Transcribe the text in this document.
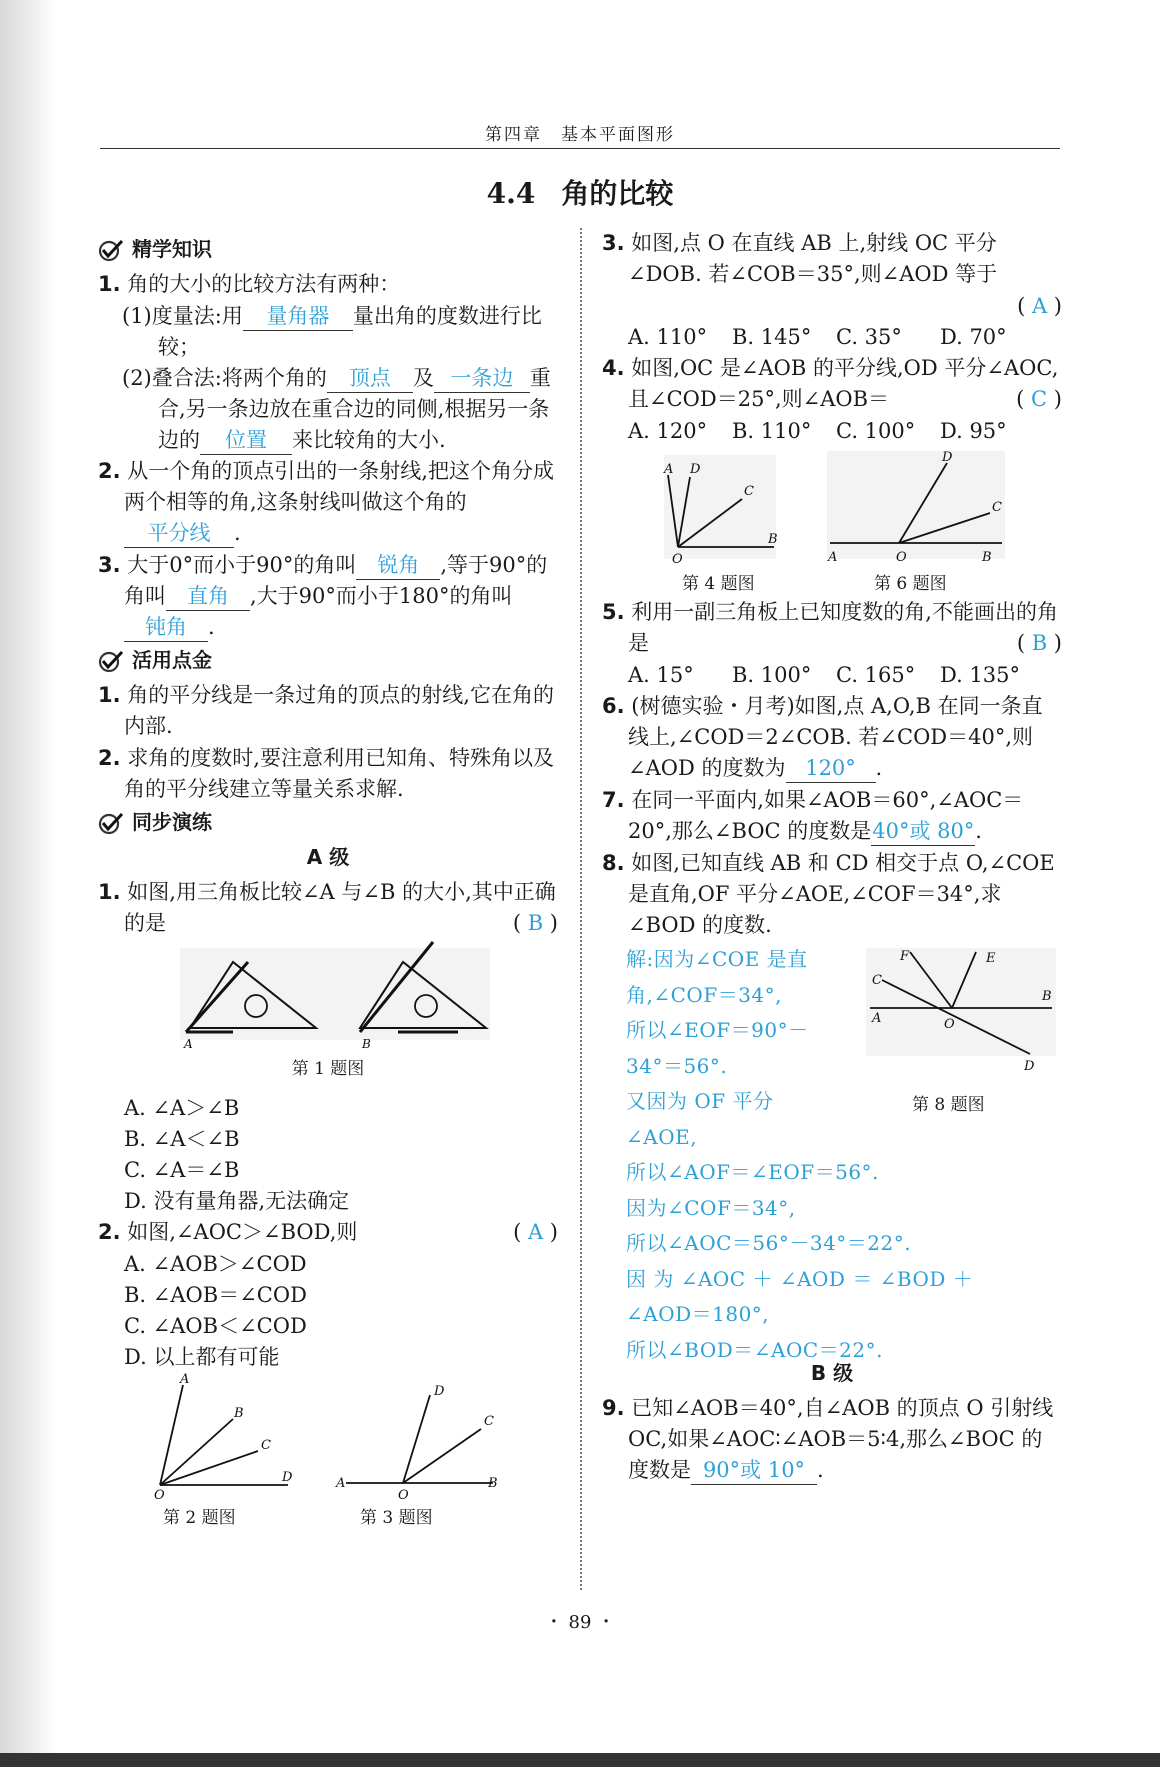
第四章　基本平面图形
4.4 角的比较
精学知识
1. 角的大小的比较方法有两种：
(1)度量法:用 量角器 量出角的度数进行比较；
(2)叠合法:将两个角的 顶点 及 一条边 重合,另一条边放在重合边的同侧,根据另一条边的 位置 来比较角的大小.
2. 从一个角的顶点引出的一条射线,把这个角分成两个相等的角,这条射线叫做这个角的平分线 .
3. 大于0°而小于90°的角叫 锐角 ,等于90°的角叫 直角 ,大于90°而小于180°的角叫钝角 .
活用点金
1. 角的平分线是一条过角的顶点的射线,它在角的内部.
2. 求角的度数时,要注意利用已知角、特殊角以及角的平分线建立等量关系求解.
同步演练
A 级
1. 如图,用三角板比较∠A 与∠B 的大小,其中正确的是	( B )
A	B
第 1 题图
A. ∠A＞∠B
B. ∠A＜∠B
C. ∠A＝∠B
D. 没有量角器,无法确定
2. 如图,∠AOC＞∠BOD,则	( A )
A. ∠AOB＞∠COD
B. ∠AOB＝∠COD
C. ∠AOB＜∠COD
D. 以上都有可能
A
B
C
D
O
A	B
C
D
O
第 2 题图	第 3 题图
3. 如图,点 O 在直线 AB 上,射线 OC 平分∠DOB. 若∠COB＝35°,则∠AOD 等于
( A )
A. 110°	B. 145°	C. 35°	D. 70°
4. 如图,OC 是∠AOB 的平分线,OD 平分∠AOC,且∠COD＝25°,则∠AOB＝	( C )
A. 120°	B. 110°	C. 100°	D. 95°
A D
C
B
O	A	O	B
C
D
第 4 题图	第 6 题图
5. 利用一副三角板上已知度数的角,不能画出的角是	( B )
A. 15°	B. 100°	C. 165°	D. 135°
6. (树德实验・月考)如图,点 A,O,B 在同一条直线上,∠COD＝2∠COB. 若∠COD＝40°,则∠AOD 的度数为 120° .
7. 在同一平面内,如果∠AOB＝60°,∠AOC＝20°,那么∠BOC 的度数是40°或 80°.
8. 如图,已知直线 AB 和 CD 相交于点 O,∠COE 是直角,OF 平分∠AOE,∠COF＝34°,求∠BOD 的度数.
解:因为∠COE 是直
角,∠COF＝34°,
所以∠EOF＝90°－
34°＝56°.
又因为 OF 平分
∠AOE,
F	E
C
B
A	O
D
第 8 题图
所以∠AOF＝∠EOF＝56°.
因为∠COF＝34°,
所以∠AOC＝56°－34°＝22°.
因 为 ∠AOC ＋ ∠AOD ＝ ∠BOD ＋
∠AOD＝180°,
所以∠BOD＝∠AOC＝22°.
B 级
9. 已知∠AOB＝40°,自∠AOB 的顶点 O 引射线 OC,如果∠AOC∶∠AOB＝5∶4,那么∠BOC 的度数是 90°或 10° .
・ 89 ・
